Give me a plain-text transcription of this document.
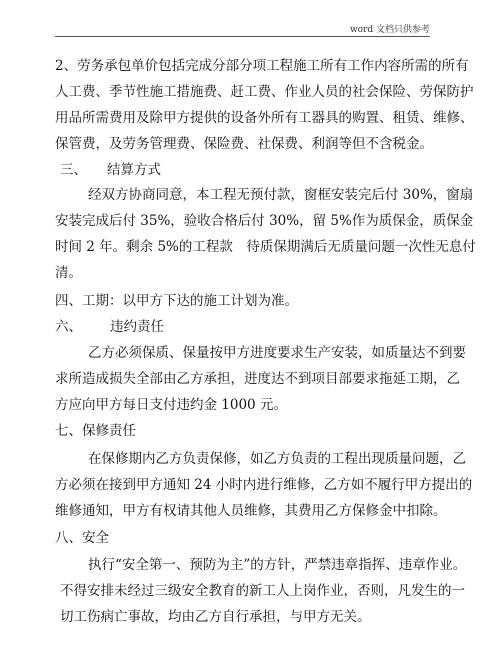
word 文档只供参考
2、劳务承包单价包括完成分部分项工程施工所有工作内容所需的所有
人工费、季节性施工措施费、赶工费、作业人员的社会保险、劳保防护
用品所需费用及除甲方提供的设备外所有工器具的购置、租赁、维修、
保管费，及劳务管理费、保险费、社保费、利润等但不含税金。
三、 结算方式
经双方协商同意，本工程无预付款，窗框安装完后付 30%，窗扇
安装完成后付 35%，验收合格后付 30%，留 5%作为质保金，质保金
时间 2 年。剩余 5%的工程款　待质保期满后无质量问题一次性无息付
清。
四、工期：以甲方下达的施工计划为准。
六、 违约责任
乙方必须保质、保量按甲方进度要求生产安装，如质量达不到要
求所造成损失全部由乙方承担，进度达不到项目部要求拖延工期，乙
方应向甲方每日支付违约金 1000 元。
七、保修责任
在保修期内乙方负责保修，如乙方负责的工程出现质量问题，乙
方必须在接到甲方通知 24 小时内进行维修，乙方如不履行甲方提出的
维修通知，甲方有权请其他人员维修，其费用乙方保修金中扣除。
八、安全
执行“安全第一、预防为主”的方针，严禁违章指挥、违章作业。
不得安排未经过三级安全教育的新工人上岗作业，否则，凡发生的一
切工伤病亡事故，均由乙方自行承担，与甲方无关。
